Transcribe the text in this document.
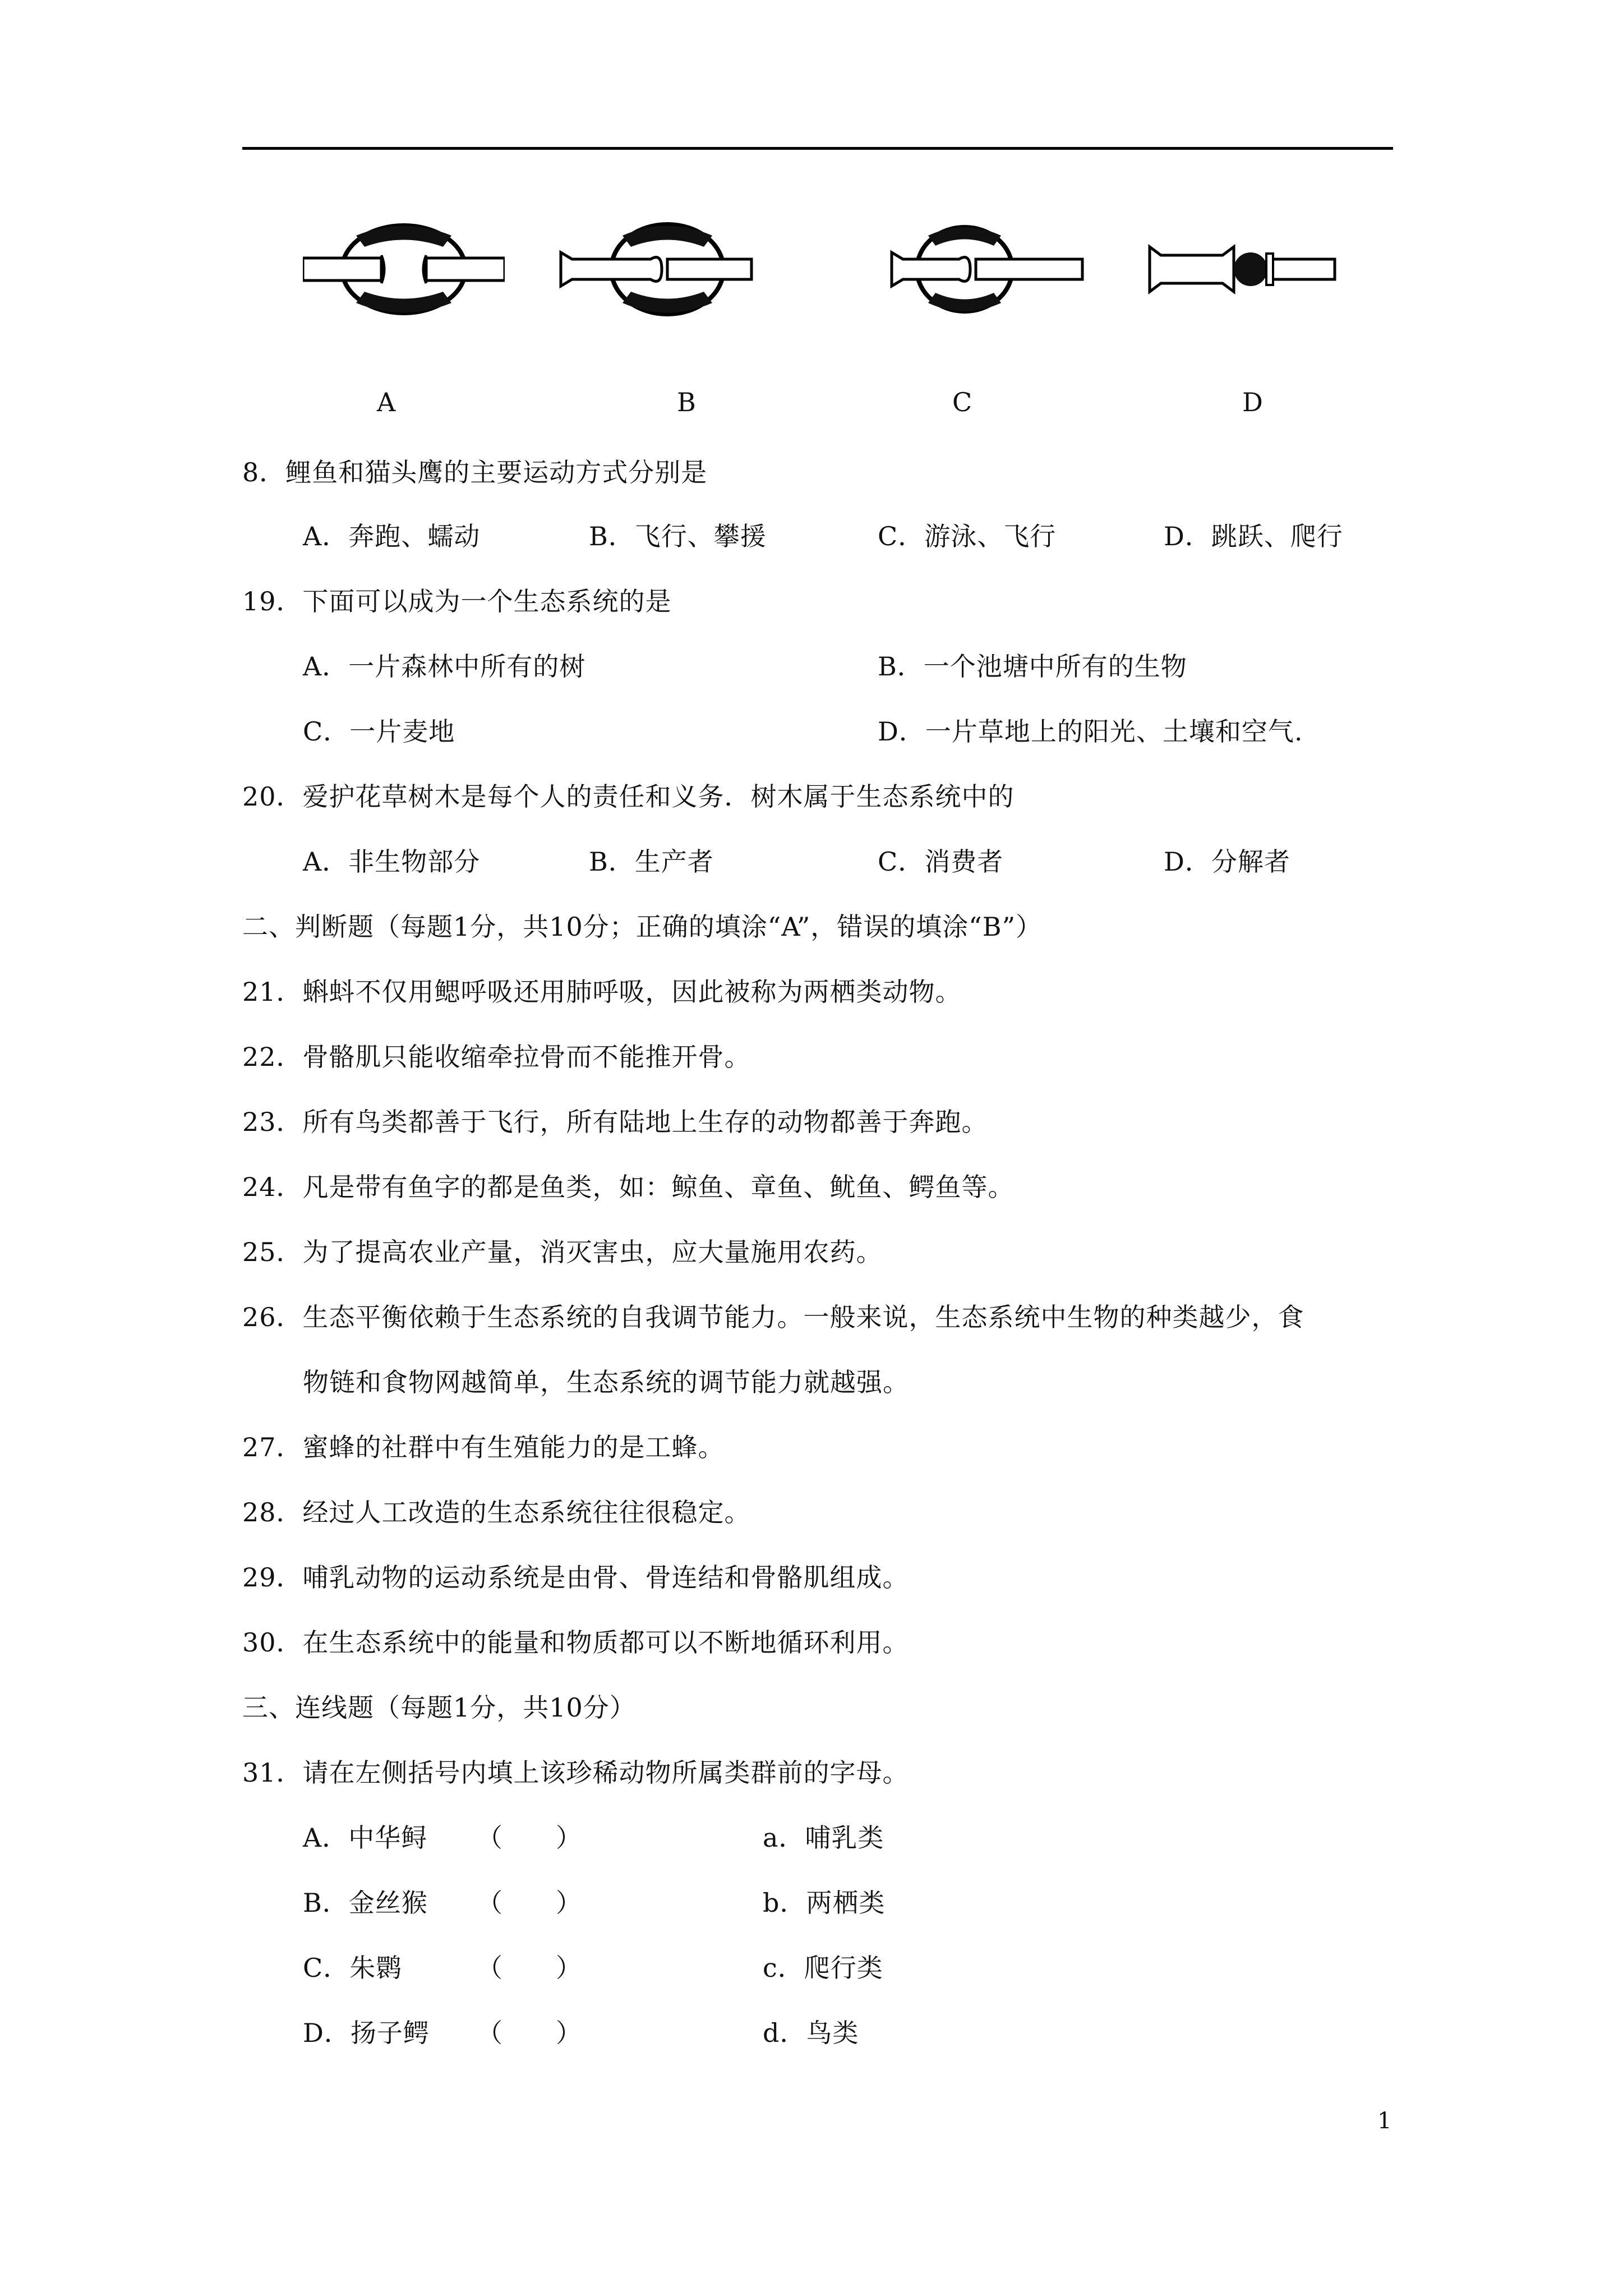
A	B	C	D
8．鲤鱼和猫头鹰的主要运动方式分别是
A．奔跑、蠕动	B．飞行、攀援	C．游泳、飞行	D．跳跃、爬行
19．下面可以成为一个生态系统的是
A．一片森林中所有的树	B．一个池塘中所有的生物
C．一片麦地	D．一片草地上的阳光、土壤和空气.
20．爱护花草树木是每个人的责任和义务．树木属于生态系统中的
A．非生物部分	B．生产者	C．消费者	D．分解者
二、判断题（每题1分，共10分；正确的填涂“A”，错误的填涂“B”）
21．蝌蚪不仅用鳃呼吸还用肺呼吸，因此被称为两栖类动物。
22．骨骼肌只能收缩牵拉骨而不能推开骨。
23．所有鸟类都善于飞行，所有陆地上生存的动物都善于奔跑。
24．凡是带有鱼字的都是鱼类，如：鲸鱼、章鱼、鱿鱼、鳄鱼等。
25．为了提高农业产量，消灭害虫，应大量施用农药。
26．生态平衡依赖于生态系统的自我调节能力。一般来说，生态系统中生物的种类越少，食
物链和食物网越简单，生态系统的调节能力就越强。
27．蜜蜂的社群中有生殖能力的是工蜂。
28．经过人工改造的生态系统往往很稳定。
29．哺乳动物的运动系统是由骨、骨连结和骨骼肌组成。
30．在生态系统中的能量和物质都可以不断地循环利用。
三、连线题（每题1分，共10分）
31．请在左侧括号内填上该珍稀动物所属类群前的字母。
A．中华鲟 （　　）	a．哺乳类
B．金丝猴 （　　）	b．两栖类
C．朱鹮	（　　）	c．爬行类
D．扬子鳄 （　　）	d．鸟类
1
